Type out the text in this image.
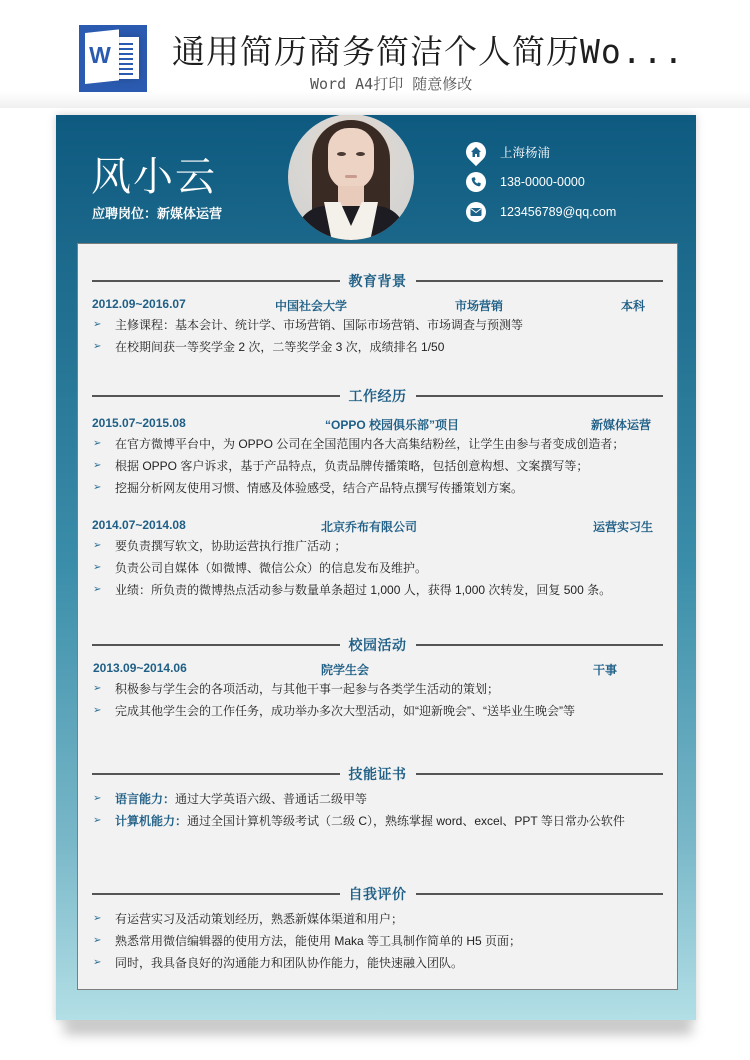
W 通用简历商务简洁个人简历Wo...
Word A4打印 随意修改
风小云
应聘岗位：新媒体运营
上海杨浦
138-0000-0000
123456789@qq.com
教育背景
2012.09~2016.07	中国社会大学	市场营销	本科
➢ 主修课程：基本会计、统计学、市场营销、国际市场营销、市场调查与预测等
➢ 在校期间获一等奖学金 2 次，二等奖学金 3 次，成绩排名 1/50
工作经历
2015.07~2015.08	“OPPO 校园俱乐部”项目	新媒体运营
➢ 在官方微博平台中，为 OPPO 公司在全国范围内各大高集结粉丝，让学生由参与者变成创造者；
➢ 根据 OPPO 客户诉求，基于产品特点，负责品牌传播策略，包括创意构想、文案撰写等；
➢ 挖掘分析网友使用习惯、情感及体验感受，结合产品特点撰写传播策划方案。
2014.07~2014.08	北京乔布有限公司	运营实习生
➢ 要负责撰写软文，协助运营执行推广活动 ；
➢ 负责公司自媒体（如微博、微信公众）的信息发布及维护。
➢ 业绩：所负责的微博热点活动参与数量单条超过 1,000 人，获得 1,000 次转发，回复 500 条。
校园活动
2013.09~2014.06	院学生会	干事
➢ 积极参与学生会的各项活动，与其他干事一起参与各类学生活动的策划；
➢ 完成其他学生会的工作任务，成功举办多次大型活动，如“迎新晚会”、“送毕业生晚会”等
技能证书
➢ 语言能力：通过大学英语六级、普通话二级甲等
➢ 计算机能力：通过全国计算机等级考试（二级 C），熟练掌握 word、excel、PPT 等日常办公软件
自我评价
➢ 有运营实习及活动策划经历，熟悉新媒体渠道和用户；
➢ 熟悉常用微信编辑器的使用方法，能使用 Maka 等工具制作简单的 H5 页面；
➢ 同时，我具备良好的沟通能力和团队协作能力，能快速融入团队。
